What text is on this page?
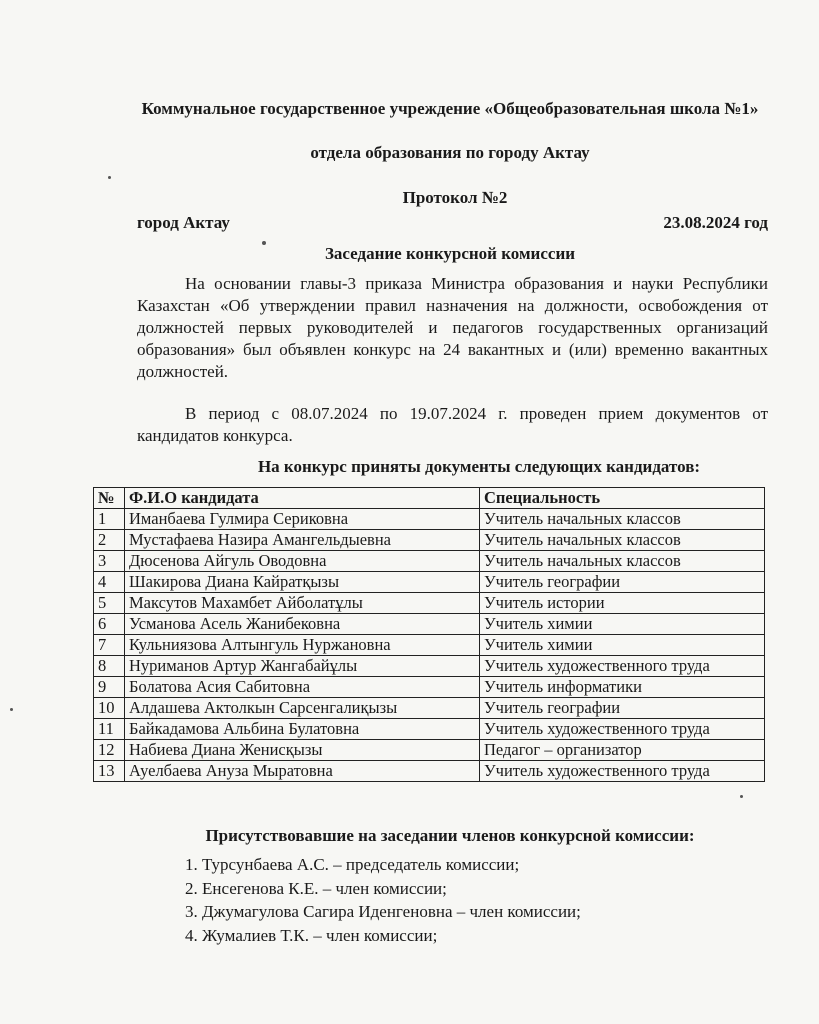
Коммунальное государственное учреждение «Общеобразовательная школа №1»
отдела образования по городу Актау
Протокол №2
город Актау	23.08.2024 год
Заседание конкурсной комиссии
На основании главы-3 приказа Министра образования и науки Республики Казахстан «Об утверждении правил назначения на должности, освобождения от должностей первых руководителей и педагогов государственных организаций образования» был объявлен конкурс на 24 вакантных и (или) временно вакантных должностей.
В период с 08.07.2024 по 19.07.2024 г. проведен прием документов от кандидатов конкурса.
На конкурс приняты документы следующих кандидатов:
№	Ф.И.О кандидата	Специальность
1	Иманбаева Гулмира Сериковна	Учитель начальных классов
2	Мустафаева Назира Амангельдыевна	Учитель начальных классов
3	Дюсенова Айгуль Оводовна	Учитель начальных классов
4	Шакирова Диана Кайратқызы	Учитель географии
5	Максутов Махамбет Айболатұлы	Учитель истории
6	Усманова Асель Жанибековна	Учитель химии
7	Кульниязова Алтынгуль Нуржановна	Учитель химии
8	Нуриманов Артур Жангабайұлы	Учитель художественного труда
9	Болатова Асия Сабитовна	Учитель информатики
10	Алдашева Актолкын Сарсенгалиқызы	Учитель географии
11	Байкадамова Альбина Булатовна	Учитель художественного труда
12	Набиева Диана Женисқызы	Педагог – организатор
13	Ауелбаева Ануза Мыратовна	Учитель художественного труда
Присутствовавшие на заседании членов конкурсной комиссии:
1. Турсунбаева А.С. – председатель комиссии;
2. Енсегенова К.Е. – член комиссии;
3. Джумагулова Сагира Иденгеновна – член комиссии;
4. Жумалиев Т.К. – член комиссии;
